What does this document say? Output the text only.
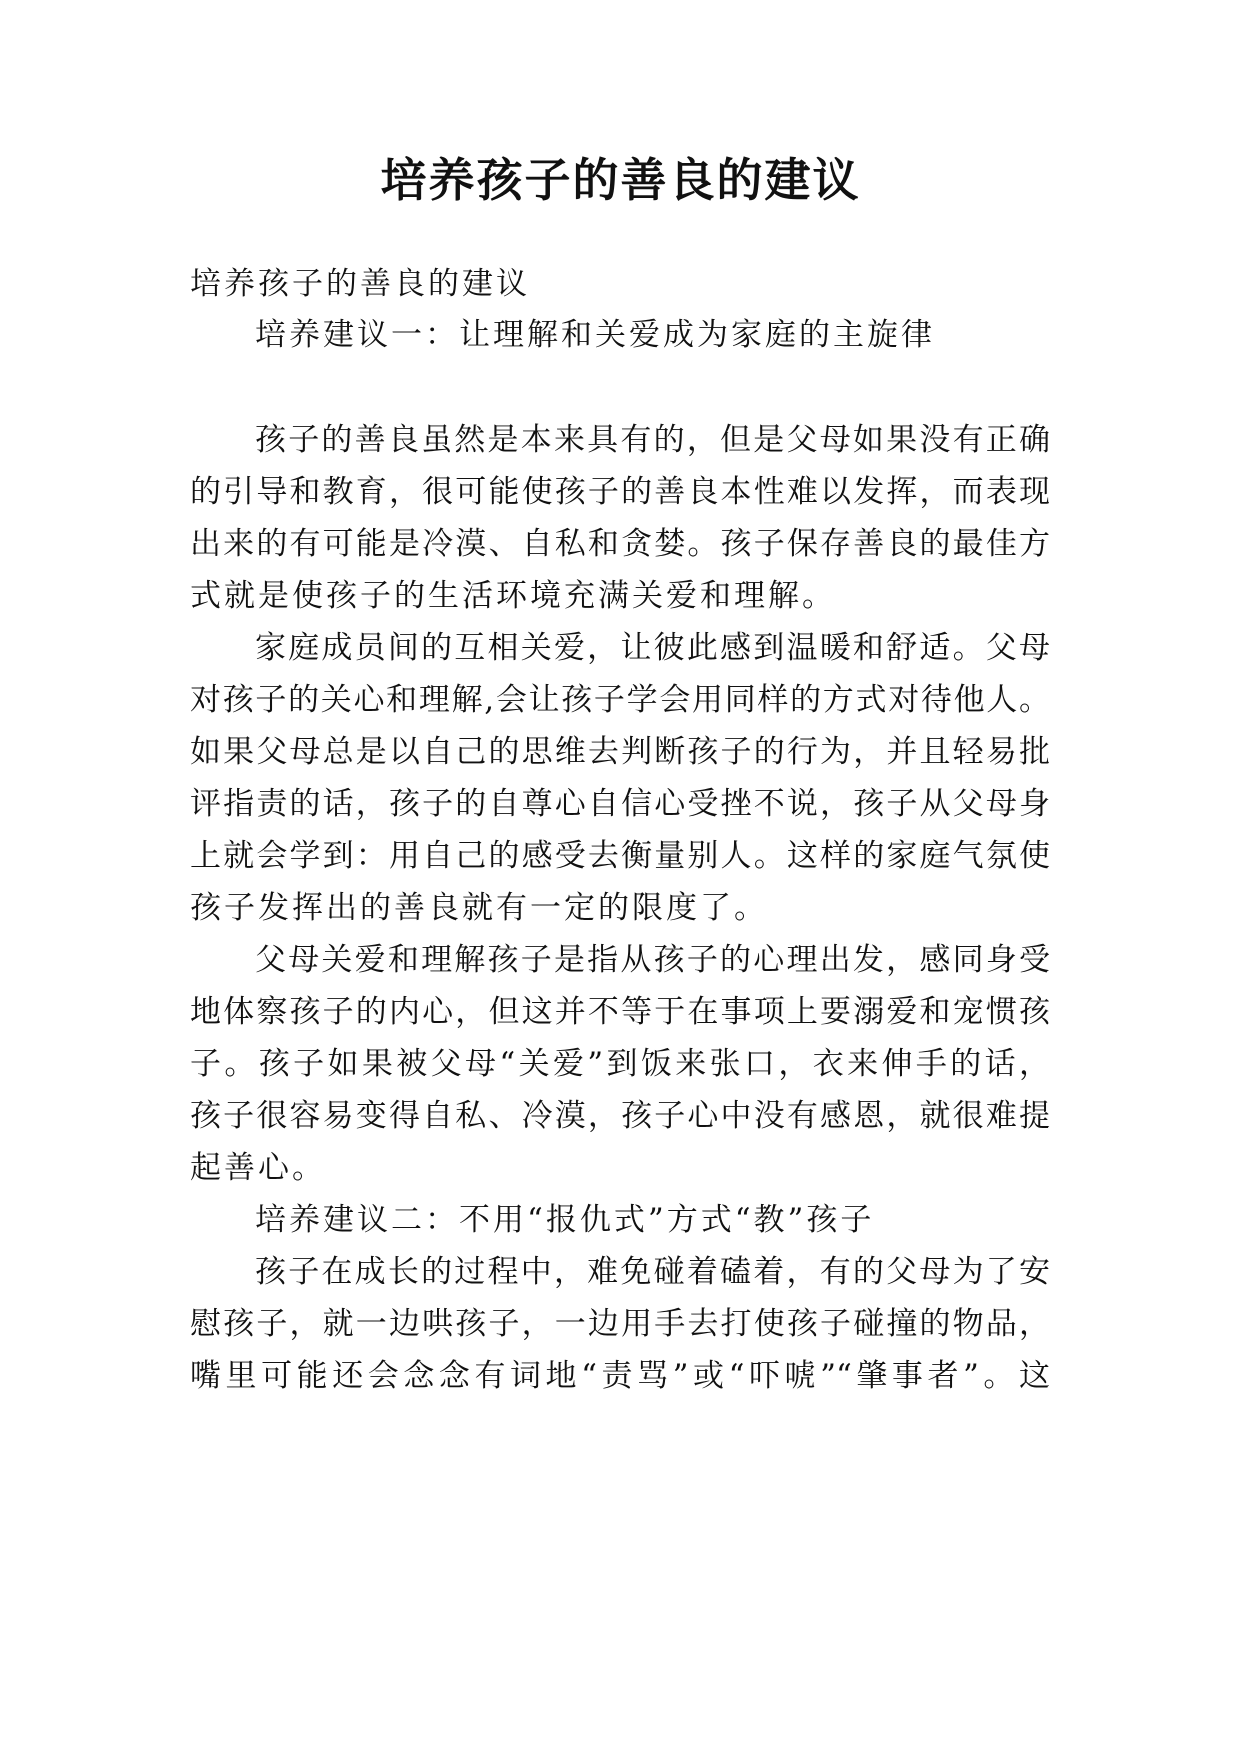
培养孩子的善良的建议

培养孩子的善良的建议

培养建议一：让理解和关爱成为家庭的主旋律

孩子的善良虽然是本来具有的，但是父母如果没有正确

的引导和教育，很可能使孩子的善良本性难以发挥，而表现

出来的有可能是冷漠、自私和贪婪。孩子保存善良的最佳方

式就是使孩子的生活环境充满关爱和理解。

家庭成员间的互相关爱，让彼此感到温暖和舒适。父母

对孩子的关心和理解,会让孩子学会用同样的方式对待他人。

如果父母总是以自己的思维去判断孩子的行为，并且轻易批

评指责的话，孩子的自尊心自信心受挫不说，孩子从父母身

上就会学到：用自己的感受去衡量别人。这样的家庭气氛使

孩子发挥出的善良就有一定的限度了。

父母关爱和理解孩子是指从孩子的心理出发，感同身受

地体察孩子的内心，但这并不等于在事项上要溺爱和宠惯孩

子。孩子如果被父母“关爱”到饭来张口，衣来伸手的话，

孩子很容易变得自私、冷漠，孩子心中没有感恩，就很难提

起善心。

培养建议二：不用“报仇式”方式“教”孩子

孩子在成长的过程中，难免碰着磕着，有的父母为了安

慰孩子，就一边哄孩子，一边用手去打使孩子碰撞的物品，

嘴里可能还会念念有词地“责骂”或“吓唬”“肇事者”。这
